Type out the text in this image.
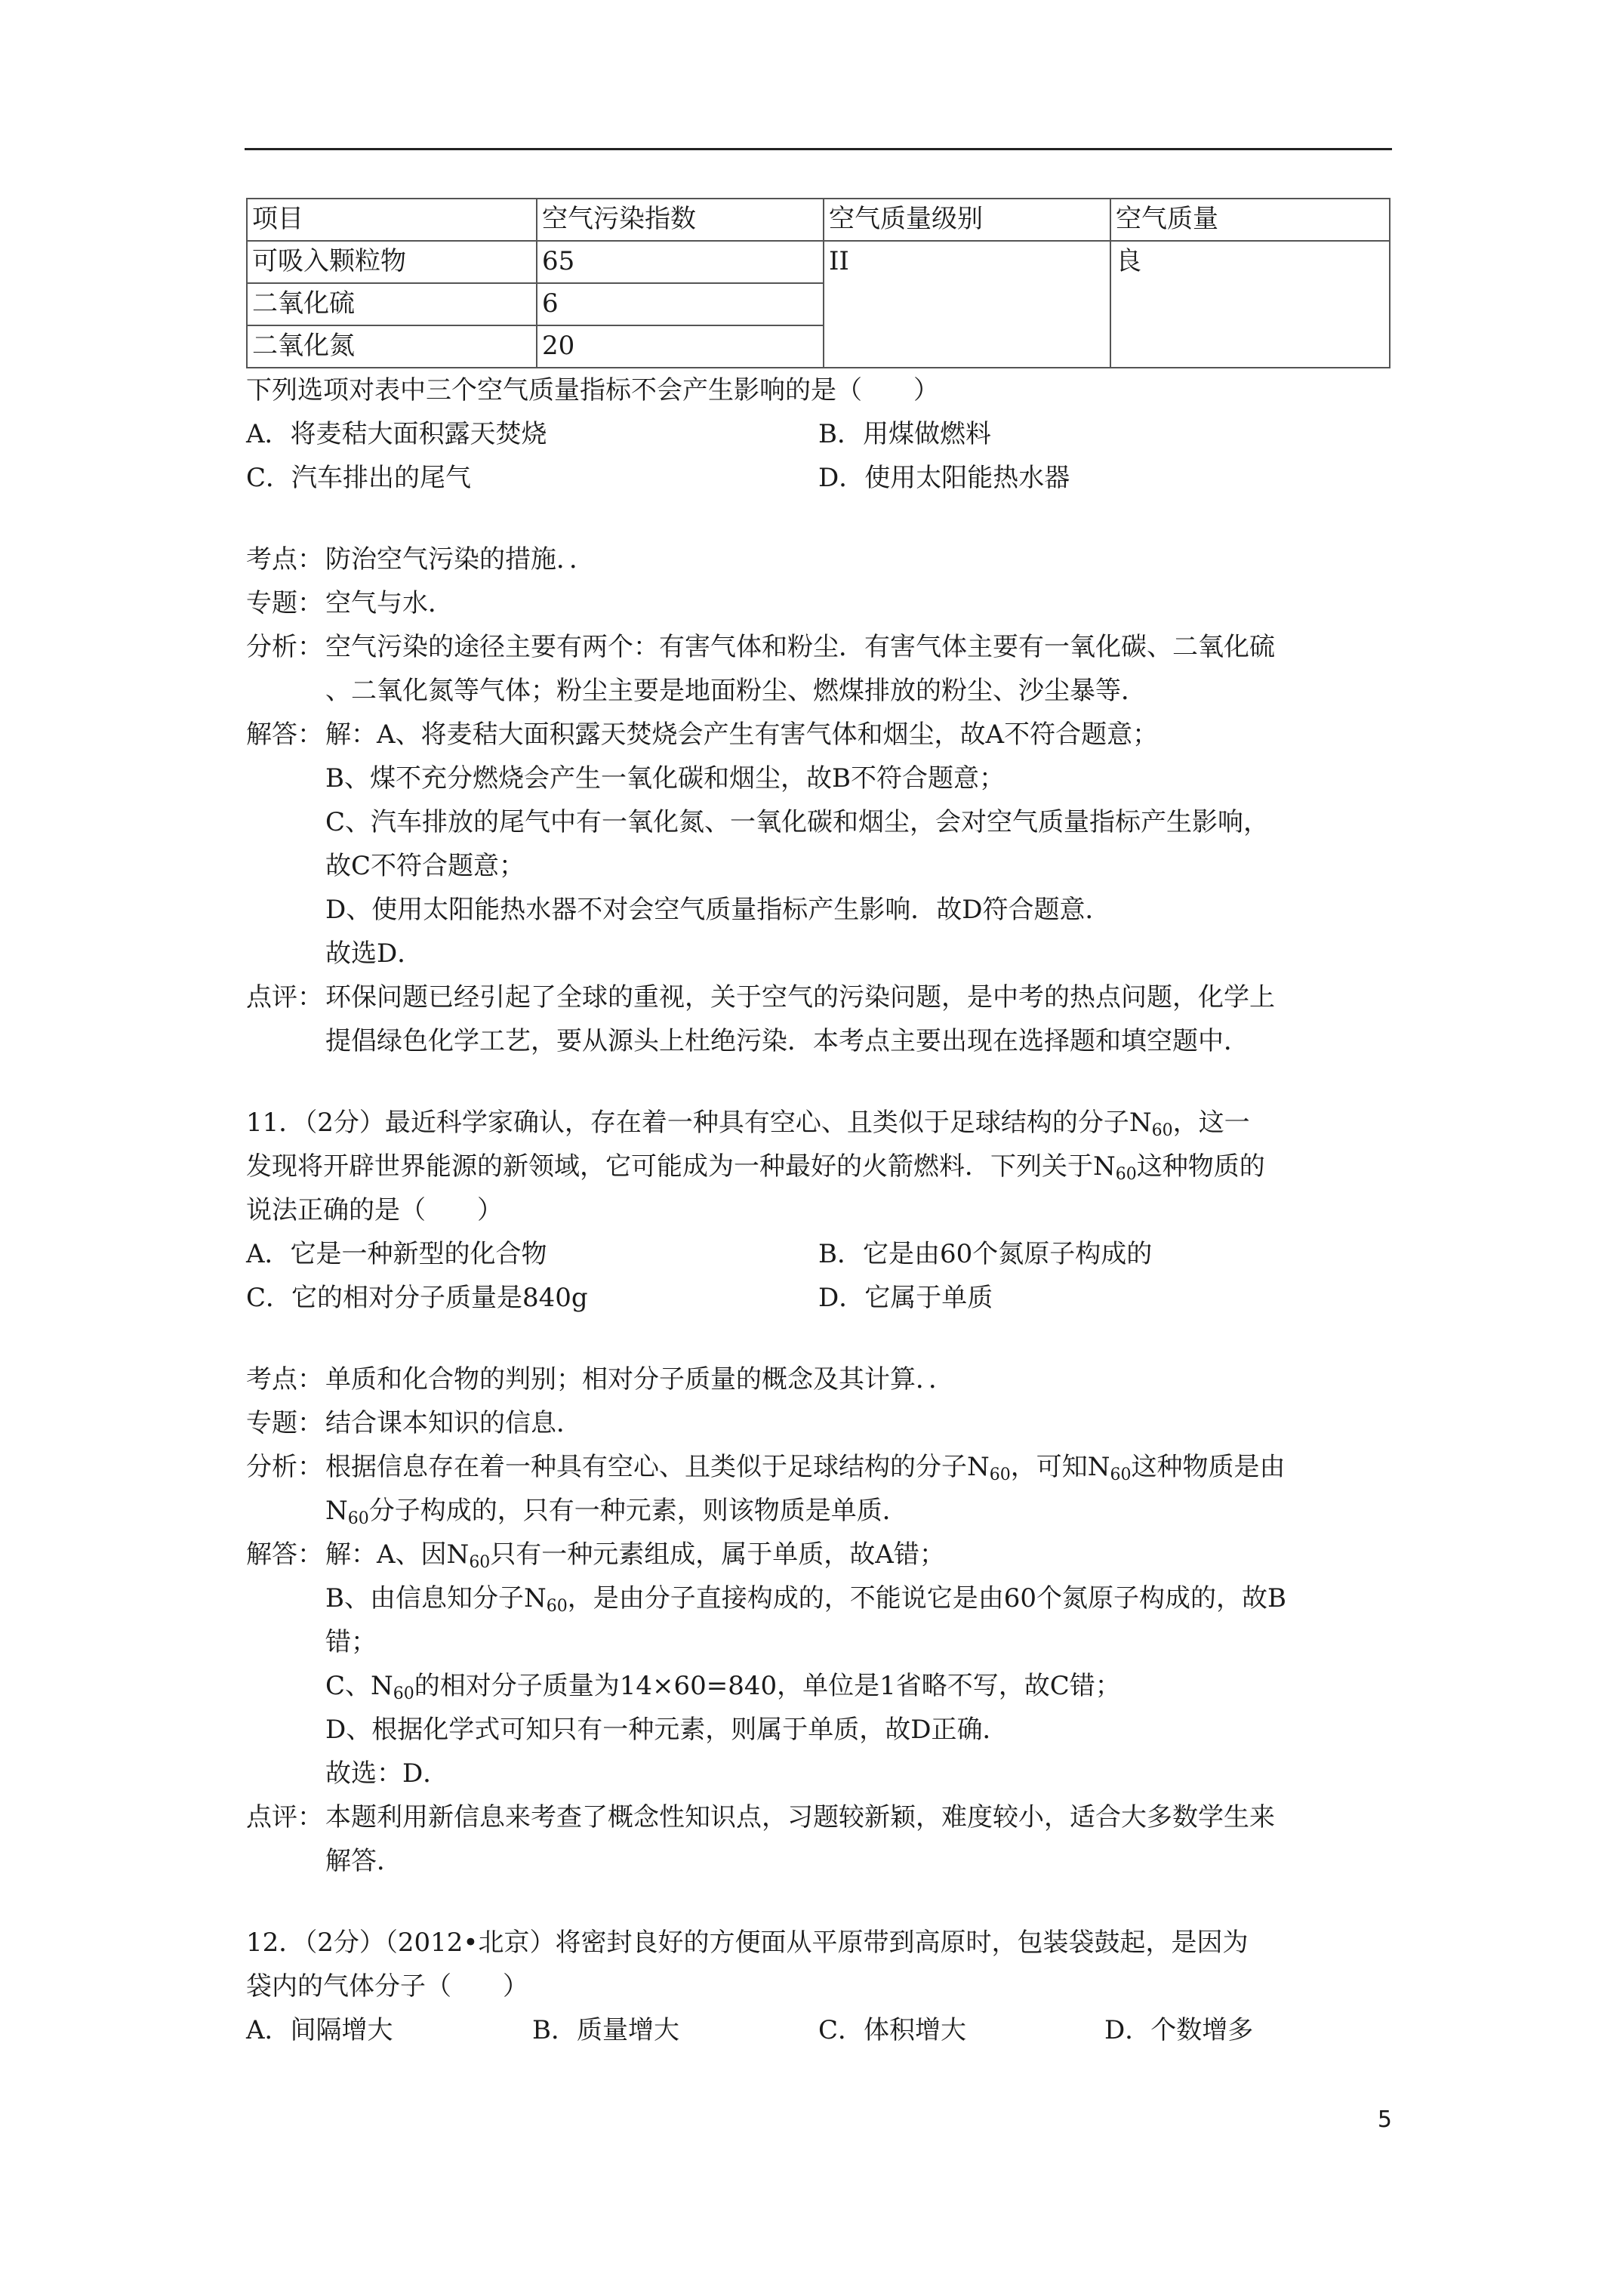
项目	空气污染指数	空气质量级别	空气质量
可吸入颗粒物	65	II	良
二氧化硫	6		
二氧化氮	20		
下列选项对表中三个空气质量指标不会产生影响的是（　　）
A．将麦秸大面积露天焚烧	B．用煤做燃料
C．汽车排出的尾气	D．使用太阳能热水器
考点： 防治空气污染的措施．．
专题： 空气与水．
分析： 空气污染的途径主要有两个：有害气体和粉尘．有害气体主要有一氧化碳、二氧化硫
、二氧化氮等气体；粉尘主要是地面粉尘、燃煤排放的粉尘、沙尘暴等．
解答： 解：A、将麦秸大面积露天焚烧会产生有害气体和烟尘，故A不符合题意；
B、煤不充分燃烧会产生一氧化碳和烟尘，故B不符合题意；
C、汽车排放的尾气中有一氧化氮、一氧化碳和烟尘，会对空气质量指标产生影响，
故C不符合题意；
D、使用太阳能热水器不对会空气质量指标产生影响．故D符合题意．
故选D．
点评： 环保问题已经引起了全球的重视，关于空气的污染问题，是中考的热点问题，化学上
提倡绿色化学工艺，要从源头上杜绝污染．本考点主要出现在选择题和填空题中．
11．（2分）最近科学家确认，存在着一种具有空心、且类似于足球结构的分子$N_{60}$，这一
发现将开辟世界能源的新领域，它可能成为一种最好的火箭燃料．下列关于$N_{60}$这种物质的
说法正确的是（　　）
A．它是一种新型的化合物	B．它是由60个氮原子构成的
C．它的相对分子质量是840g	D．它属于单质
考点： 单质和化合物的判别；相对分子质量的概念及其计算．．
专题： 结合课本知识的信息．
分析： 根据信息存在着一种具有空心、且类似于足球结构的分子$N_{60}$，可知$N_{60}$这种物质是由
$N_{60}$分子构成的，只有一种元素，则该物质是单质．
解答： 解：A、因$N_{60}$只有一种元素组成，属于单质，故A错；
B、由信息知分子$N_{60}$，是由分子直接构成的，不能说它是由60个氮原子构成的，故B
错；
C、$N_{60}$的相对分子质量为14×60=840，单位是1省略不写，故C错；
D、根据化学式可知只有一种元素，则属于单质，故D正确．
故选：D．
点评： 本题利用新信息来考查了概念性知识点，习题较新颖，难度较小，适合大多数学生来
解答．
12．（2分）（2012•北京）将密封良好的方便面从平原带到高原时，包装袋鼓起，是因为
袋内的气体分子（　　）
A．间隔增大	B．质量增大	C．体积增大	D．个数增多
5
